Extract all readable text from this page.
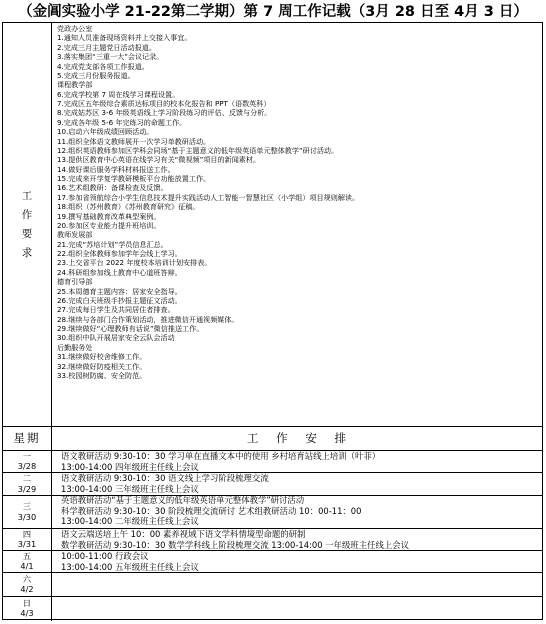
（金阊实验小学 21-22第二学期）第 7 周工作记载（3月 28 日至 4月 3 日）
工
作
要
求
党政办公室
1.通知人员准备现场资料并上交接入事宜。
2.完成三月主题党日活动报道。
3.落实集团“三重一大”会议记录。
4.完成党支部各项工作报道。
5.完成三月份服务报道。
课程教学部
6.完成学校第 7 周在线学习课程设置。
7.完成区五年级综合素质达标项目的校本化报告和 PPT（语数英科）
8.完成姑苏区 3-6 年级英语线上学习阶段练习的评估、反馈与分析。
9.完成各年级 5-6 年完练习的命题工作。
10.启动六年级成绩回顾活动。
11.组织全体语文教师展开一次学习单教研活动。
12.组织英语教师参加区学科会同场“基于主题意义的低年级英语单元整体教学”研讨活动。
13.提供区教育中心英语在线学习有关“微视频”项目的新闻素材。
14.做好课后服务学科材料报送工作。
15.完成来开学复学教研模板平台功能放置工作。
16.艺术组教研：备课检查及反馈。
17.参加省领航综合小学生信息技术提升实践活动人工智能一智慧社区（小学组）项目规则解读。
18.组织（苏州教育）《苏州教育研究》征稿。
19.撰写基础教育改革典型案例。
20.参加区专业能力提升班培训。
教师发展部
21.完成“苏培计划”学员信息汇总。
22.组织全体教师参加学年会线上学习。
23.上交省平台 2022 年度校本培训计划安排表。
24.科研组参加线上教育中心道班答辩。
德育引导部
25.本周德育主题内容：居家安全指导。
26.完成白天班级手抄报主题征文活动。
27.完成每日学生及共同居住者排查。
28.继续与各部门合作策划活动，推进微信开通视频媒体。
29.继续做好“心理教师有话说”微信推送工作。
30.组织中队开展居家安全云队会活动
后勤服务处
31.继续做好校舍维修工作。
32.继续做好防疫相关工作。
33.校园树防腐、安全防范。
星期	工 作 安 排
一
3/28
语文教研活动 9:30-10：30 学习单在直播文本中的使用 乡村培育站线上培训（叶菲）
13:00-14:00 四年级班主任线上会议
二
3/29
语文教研活动 9:30-10：30 语文线上学习阶段梳理交流
13:00-14:00 三年级班主任线上会议
三
3/30
英语教研活动“基于主题意义的低年级英语单元整体教学”研讨活动
科学教研活动 9:30-10：30 阶段梳理交流研讨 艺术组教研活动 10：00-11：00
13:00-14:00 二年级班主任线上会议
四
3/31
语文云端送培上午 10：00 素养视域下语文学科情境型命题的研制
数学教研活动 9:30-10：30 数学学科线上阶段梳理交流 13:00-14:00 一年级班主任线上会议
五
4/1
10:00-11:00 行政会议
13:00-14:00 五年级班主任线上会议
六
4/2
日
4/3
